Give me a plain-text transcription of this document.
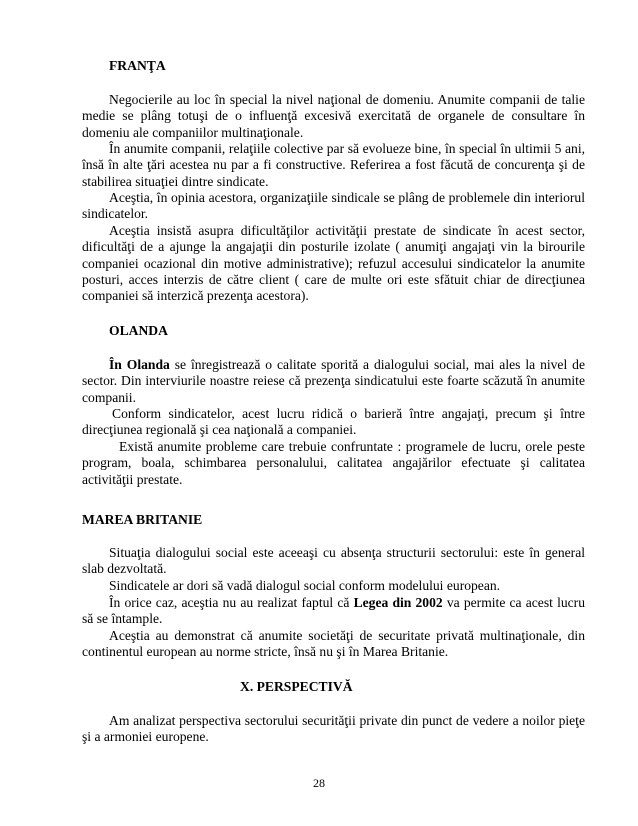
FRANŢA

Negocierile au loc în special la nivel naţional de domeniu. Anumite companii de talie medie se plâng totuşi de o influenţă excesivă exercitată de organele de consultare în domeniu ale companiilor multinaţionale.

În anumite companii, relaţiile colective par să evolueze bine, în special în ultimii 5 ani, însă în alte ţări acestea nu par a fi constructive. Referirea a fost făcută de concurenţa şi de stabilirea situaţiei dintre sindicate.

Aceştia, în opinia acestora, organizaţiile sindicale se plâng de problemele din interiorul sindicatelor.

Aceştia insistă asupra dificultăţilor activităţii prestate de sindicate în acest sector, dificultăţi de a ajunge la angajaţii din posturile izolate ( anumiţi angajaţi vin la birourile companiei ocazional din motive administrative); refuzul accesului sindicatelor la anumite posturi, acces interzis de către client ( care de multe ori este sfătuit chiar de direcţiunea companiei să interzică prezenţa acestora).

OLANDA

În Olanda se înregistrează o calitate sporită a dialogului social, mai ales la nivel de sector. Din interviurile noastre reiese că prezenţa sindicatului este foarte scăzută în anumite companii.

Conform sindicatelor, acest lucru ridică o barieră între angajaţi, precum şi între direcţiunea regională şi cea naţională a companiei.

Există anumite probleme care trebuie confruntate : programele de lucru, orele peste program, boala, schimbarea personalului, calitatea angajărilor efectuate şi calitatea activităţii prestate.

MAREA BRITANIE

Situaţia dialogului social este aceeaşi cu absenţa structurii sectorului: este în general slab dezvoltată.

Sindicatele ar dori să vadă dialogul social conform modelului european.

În orice caz, aceştia nu au realizat faptul că Legea din 2002 va permite ca acest lucru să se întample.

Aceştia au demonstrat că anumite societăţi de securitate privată multinaţionale, din continentul european au norme stricte, însă nu şi în Marea Britanie.

X. PERSPECTIVĂ

Am analizat perspectiva sectorului securităţii private din punct de vedere a noilor pieţe şi a armoniei europene.

28
